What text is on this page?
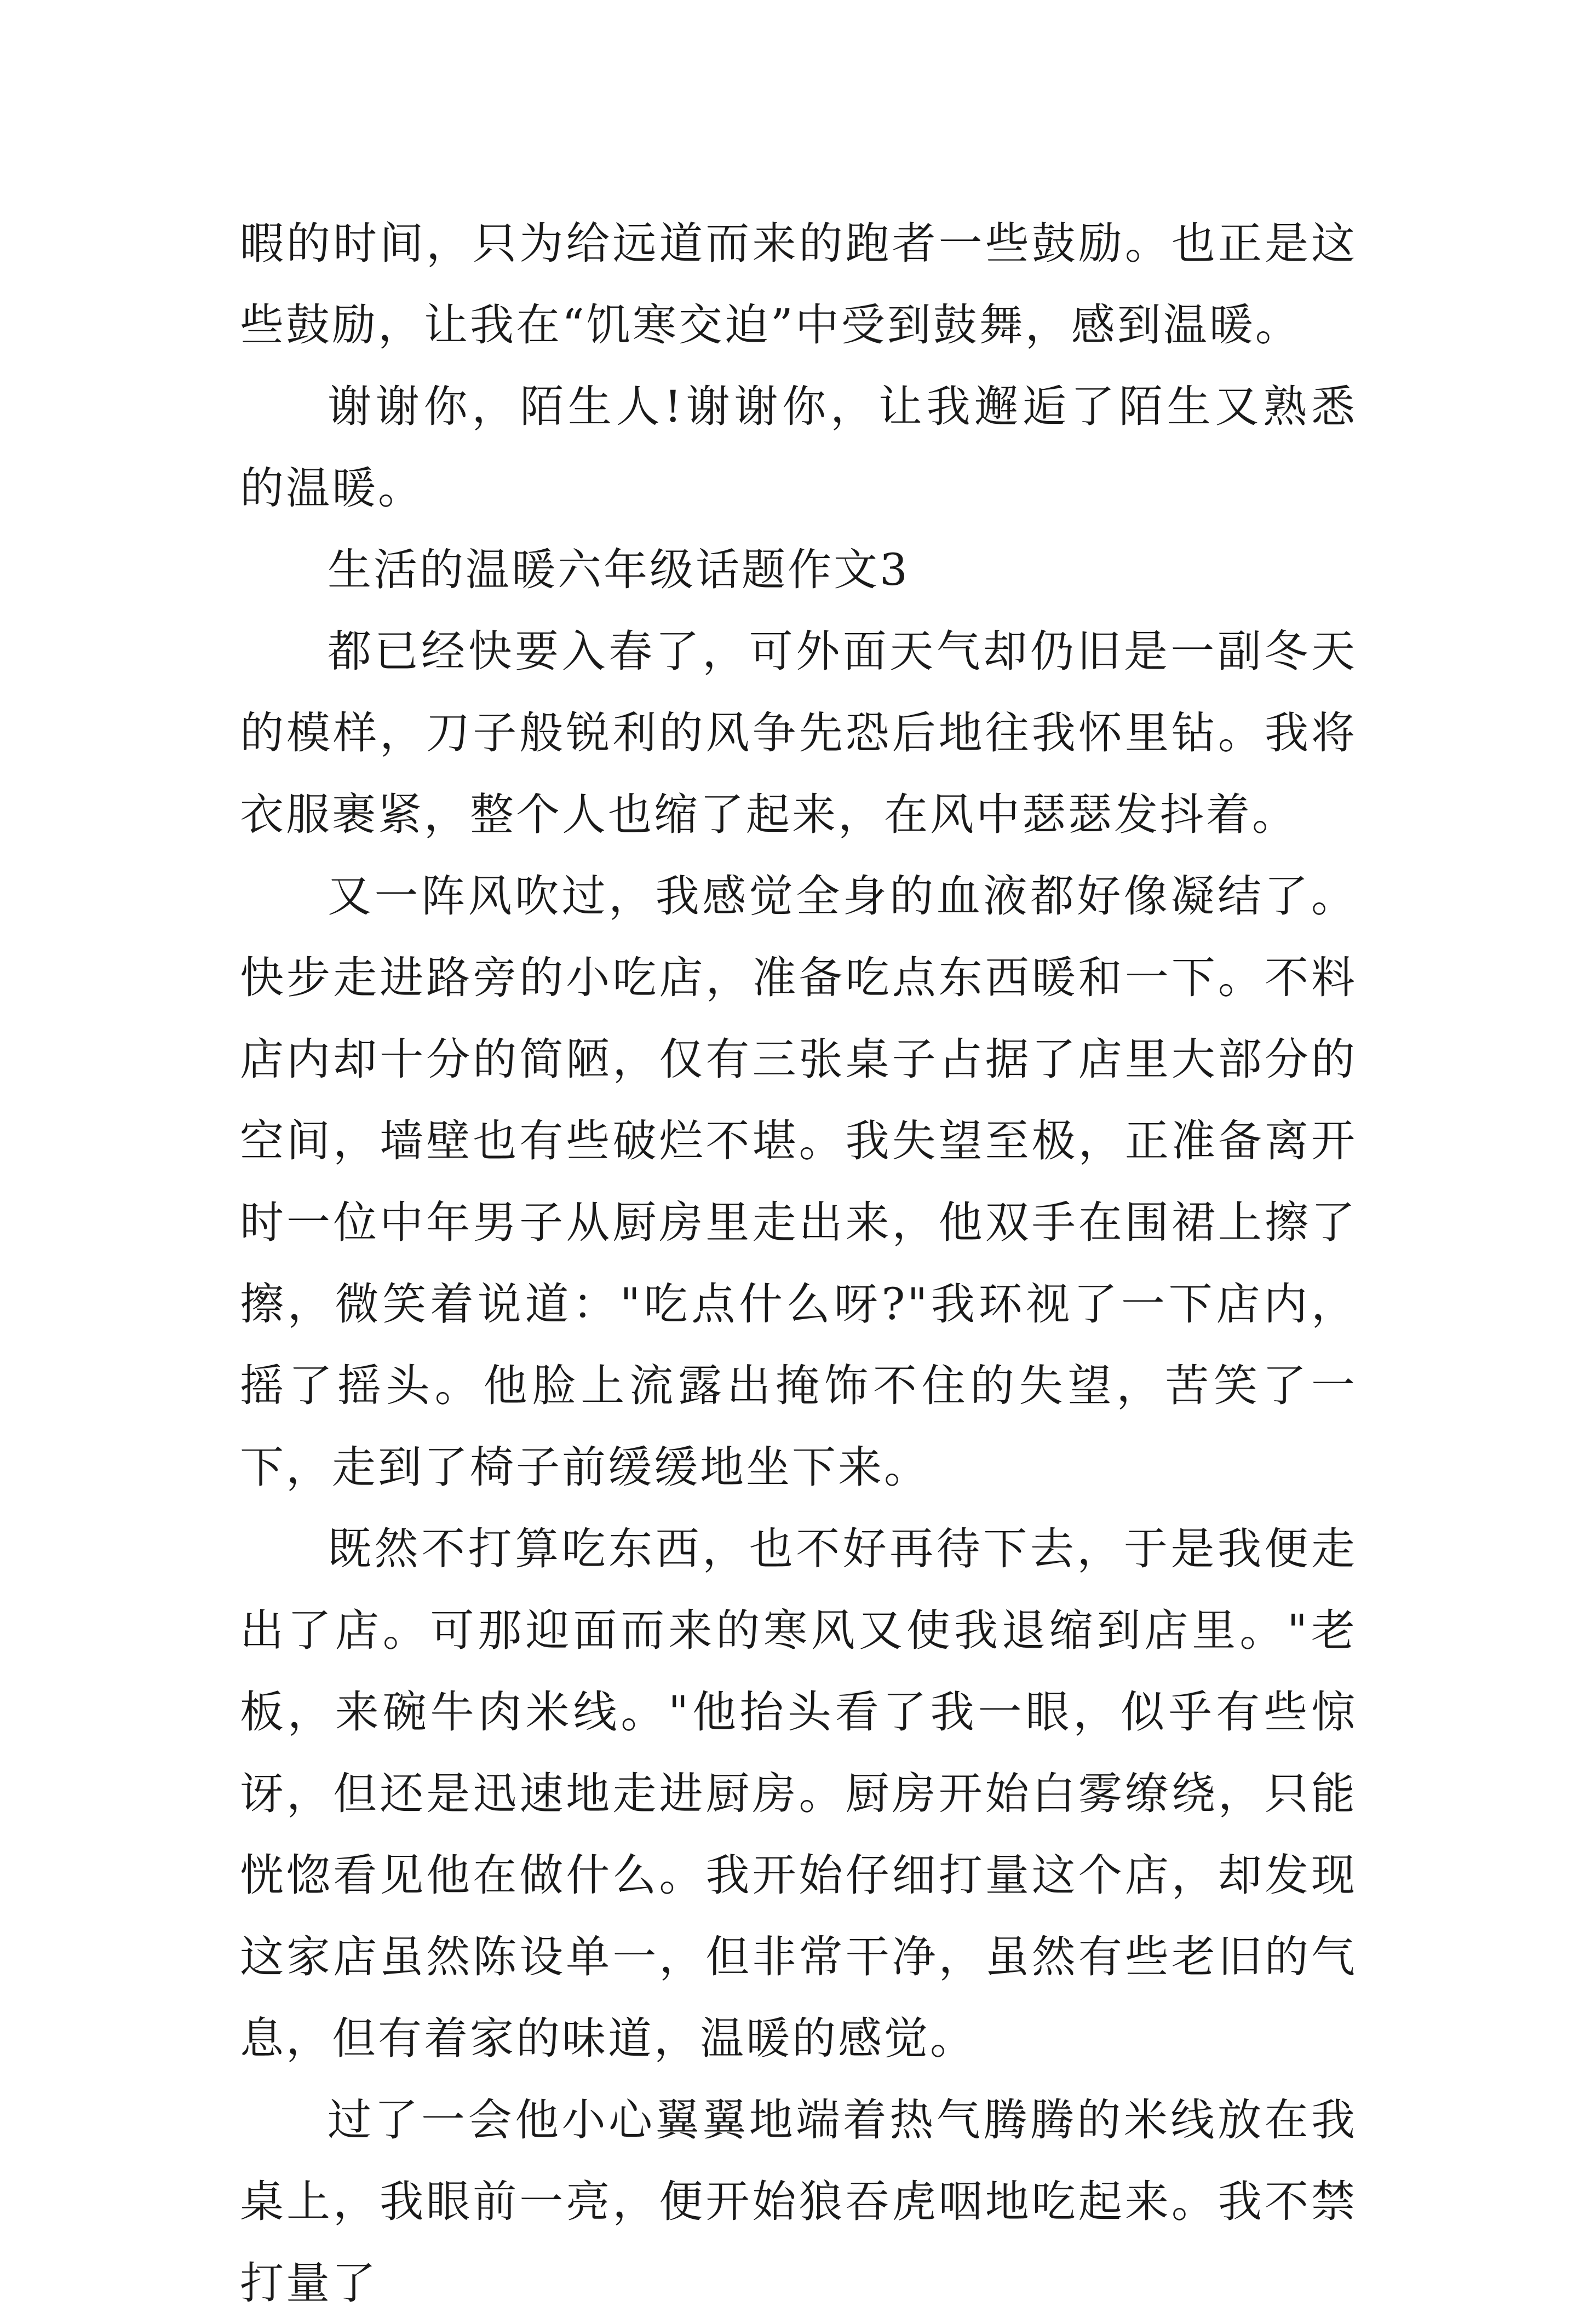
暇的时间，只为给远道而来的跑者一些鼓励。也正是这些鼓励，让我在“饥寒交迫”中受到鼓舞，感到温暖。

谢谢你，陌生人!谢谢你，让我邂逅了陌生又熟悉的温暖。

生活的温暖六年级话题作文3

都已经快要入春了，可外面天气却仍旧是一副冬天的模样，刀子般锐利的风争先恐后地往我怀里钻。我将衣服裹紧，整个人也缩了起来，在风中瑟瑟发抖着。

又一阵风吹过，我感觉全身的血液都好像凝结了。快步走进路旁的小吃店，准备吃点东西暖和一下。不料店内却十分的简陋，仅有三张桌子占据了店里大部分的空间，墙壁也有些破烂不堪。我失望至极，正准备离开时一位中年男子从厨房里走出来，他双手在围裙上擦了擦，微笑着说道："吃点什么呀?"我环视了一下店内，摇了摇头。他脸上流露出掩饰不住的失望，苦笑了一下，走到了椅子前缓缓地坐下来。

既然不打算吃东西，也不好再待下去，于是我便走出了店。可那迎面而来的寒风又使我退缩到店里。"老板，来碗牛肉米线。"他抬头看了我一眼，似乎有些惊讶，但还是迅速地走进厨房。厨房开始白雾缭绕，只能恍惚看见他在做什么。我开始仔细打量这个店，却发现这家店虽然陈设单一，但非常干净，虽然有些老旧的气息，但有着家的味道，温暖的感觉。

过了一会他小心翼翼地端着热气腾腾的米线放在我桌上，我眼前一亮，便开始狼吞虎咽地吃起来。我不禁打量了
